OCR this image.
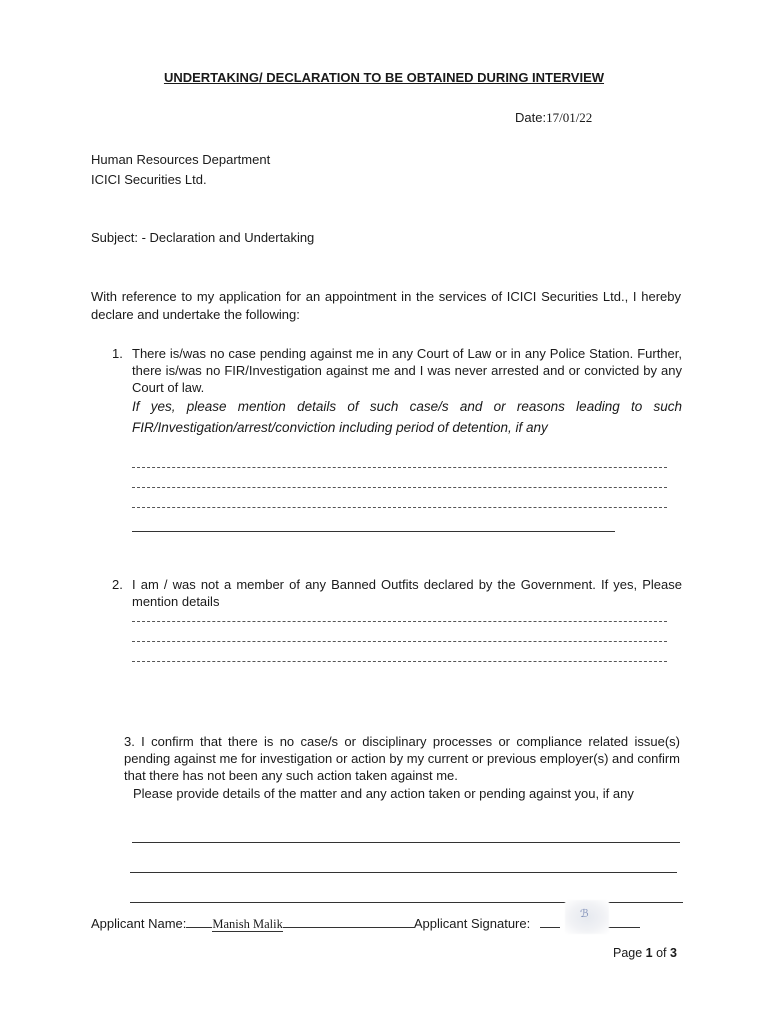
UNDERTAKING/ DECLARATION TO BE OBTAINED DURING INTERVIEW
Date:17/01/22
Human Resources Department
ICICI Securities Ltd.
Subject: - Declaration and Undertaking
With reference to my application for an appointment in the services of ICICI Securities Ltd., I hereby declare and undertake the following:
1. There is/was no case pending against me in any Court of Law or in any Police Station. Further, there is/was no FIR/Investigation against me and I was never arrested and or convicted by any Court of law.
If yes, please mention details of such case/s and or reasons leading to such FIR/Investigation/arrest/conviction including period of detention, if any
2. I am / was not a member of any Banned Outfits declared by the Government. If yes, Please mention details
3. I confirm that there is no case/s or disciplinary processes or compliance related issue(s) pending against me for investigation or action by my current or previous employer(s) and confirm that there has not been any such action taken against me.
Please provide details of the matter and any action taken or pending against you, if any
Applicant Name: Manish Malik	Applicant Signature:
ℬ
Page 1 of 3
